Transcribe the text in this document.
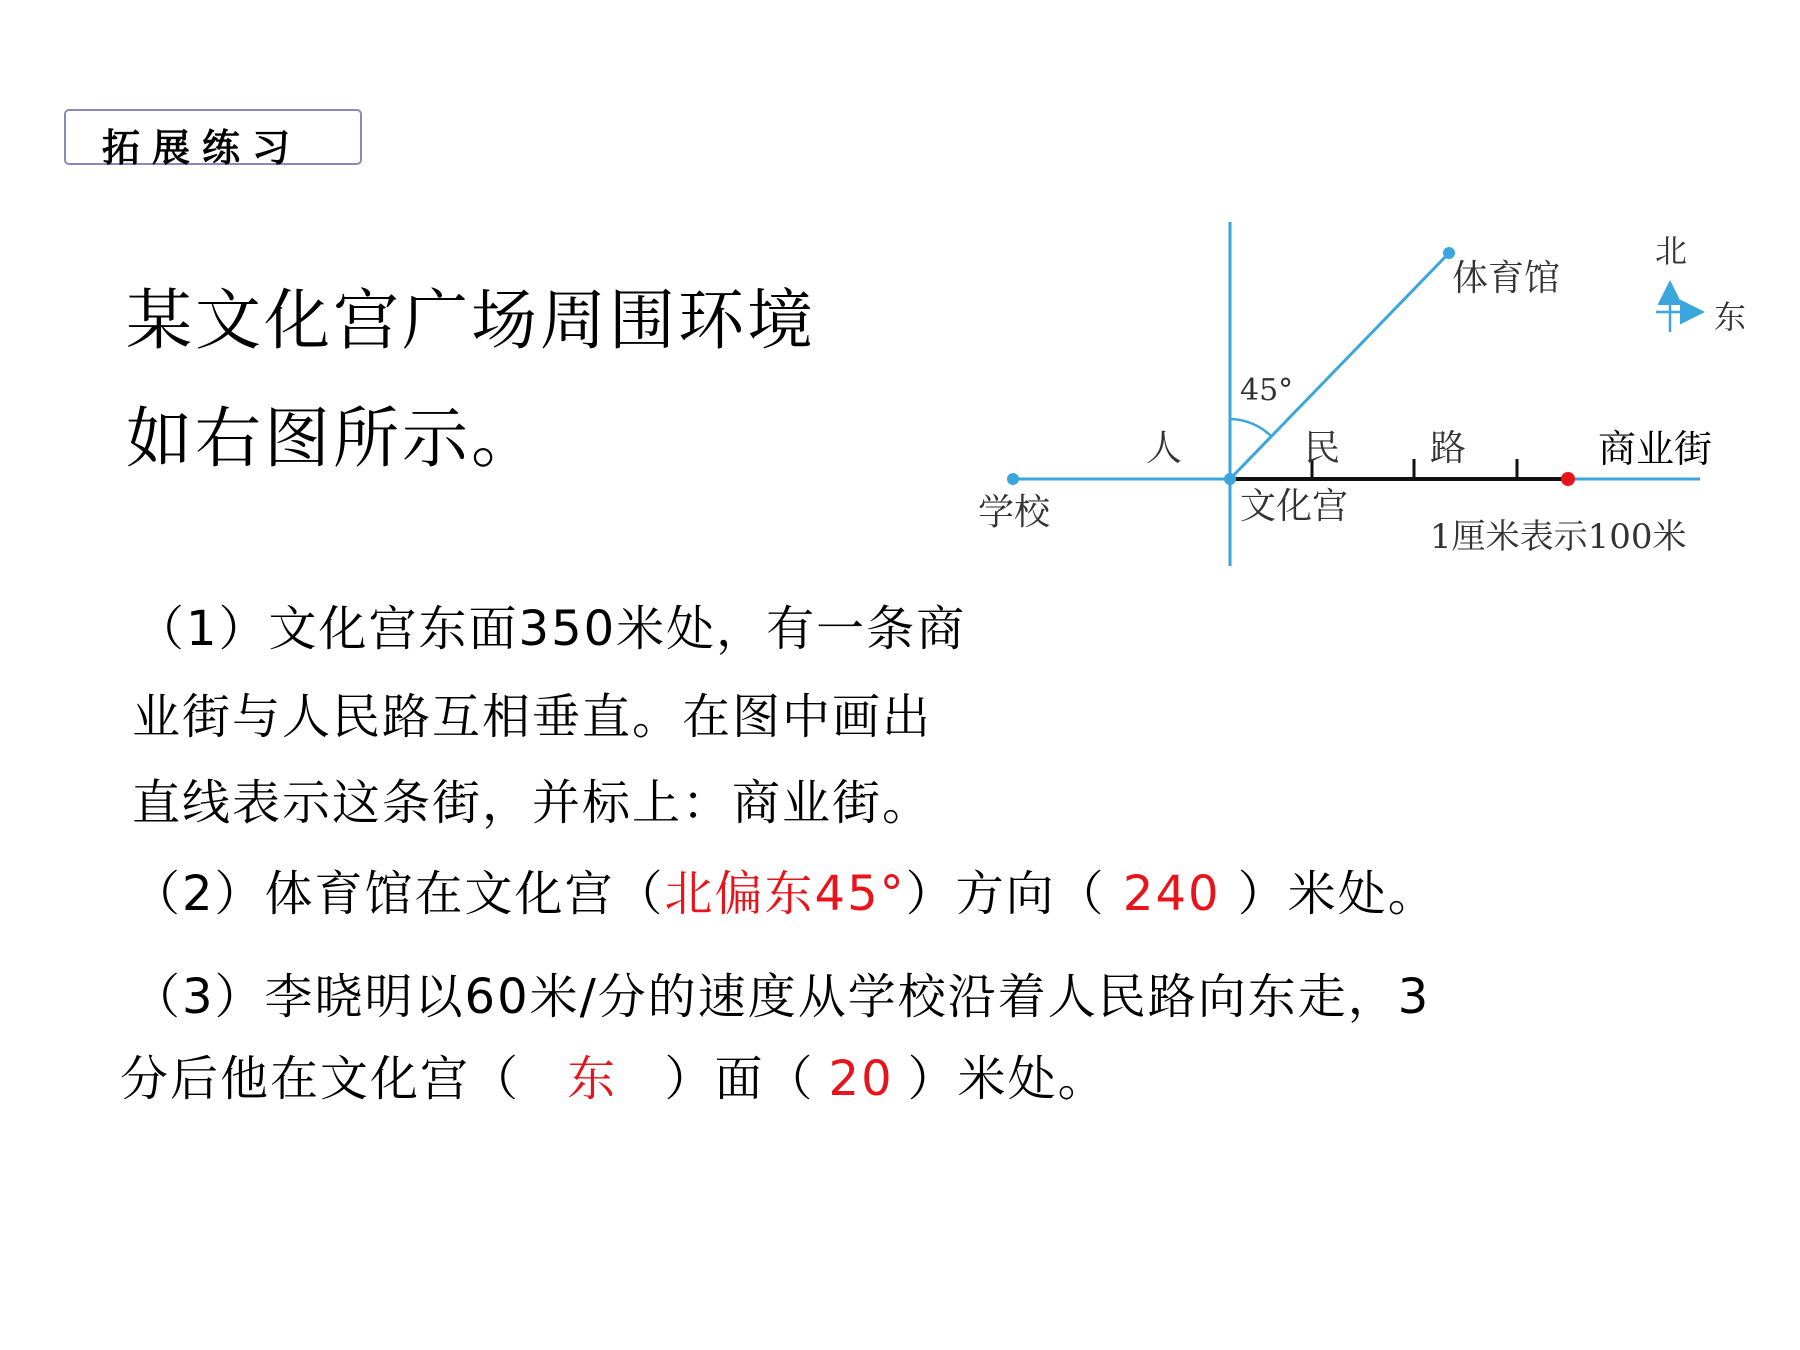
拓展练习
某文化宫广场周围环境
如右图所示。
体育馆
45°
北
东
人	民 路	商业街
学校	文化宫
1厘米表示100米
（1）文化宫东面350米处，有一条商
业街与人民路互相垂直。在图中画出
直线表示这条街，并标上：商业街。
（2）体育馆在文化宫（北偏东45°）方向（ 240 ）米处。
（3）李晓明以60米/分的速度从学校沿着人民路向东走，3
分后他在文化宫（ 东 ）面（ 20 ）米处。
